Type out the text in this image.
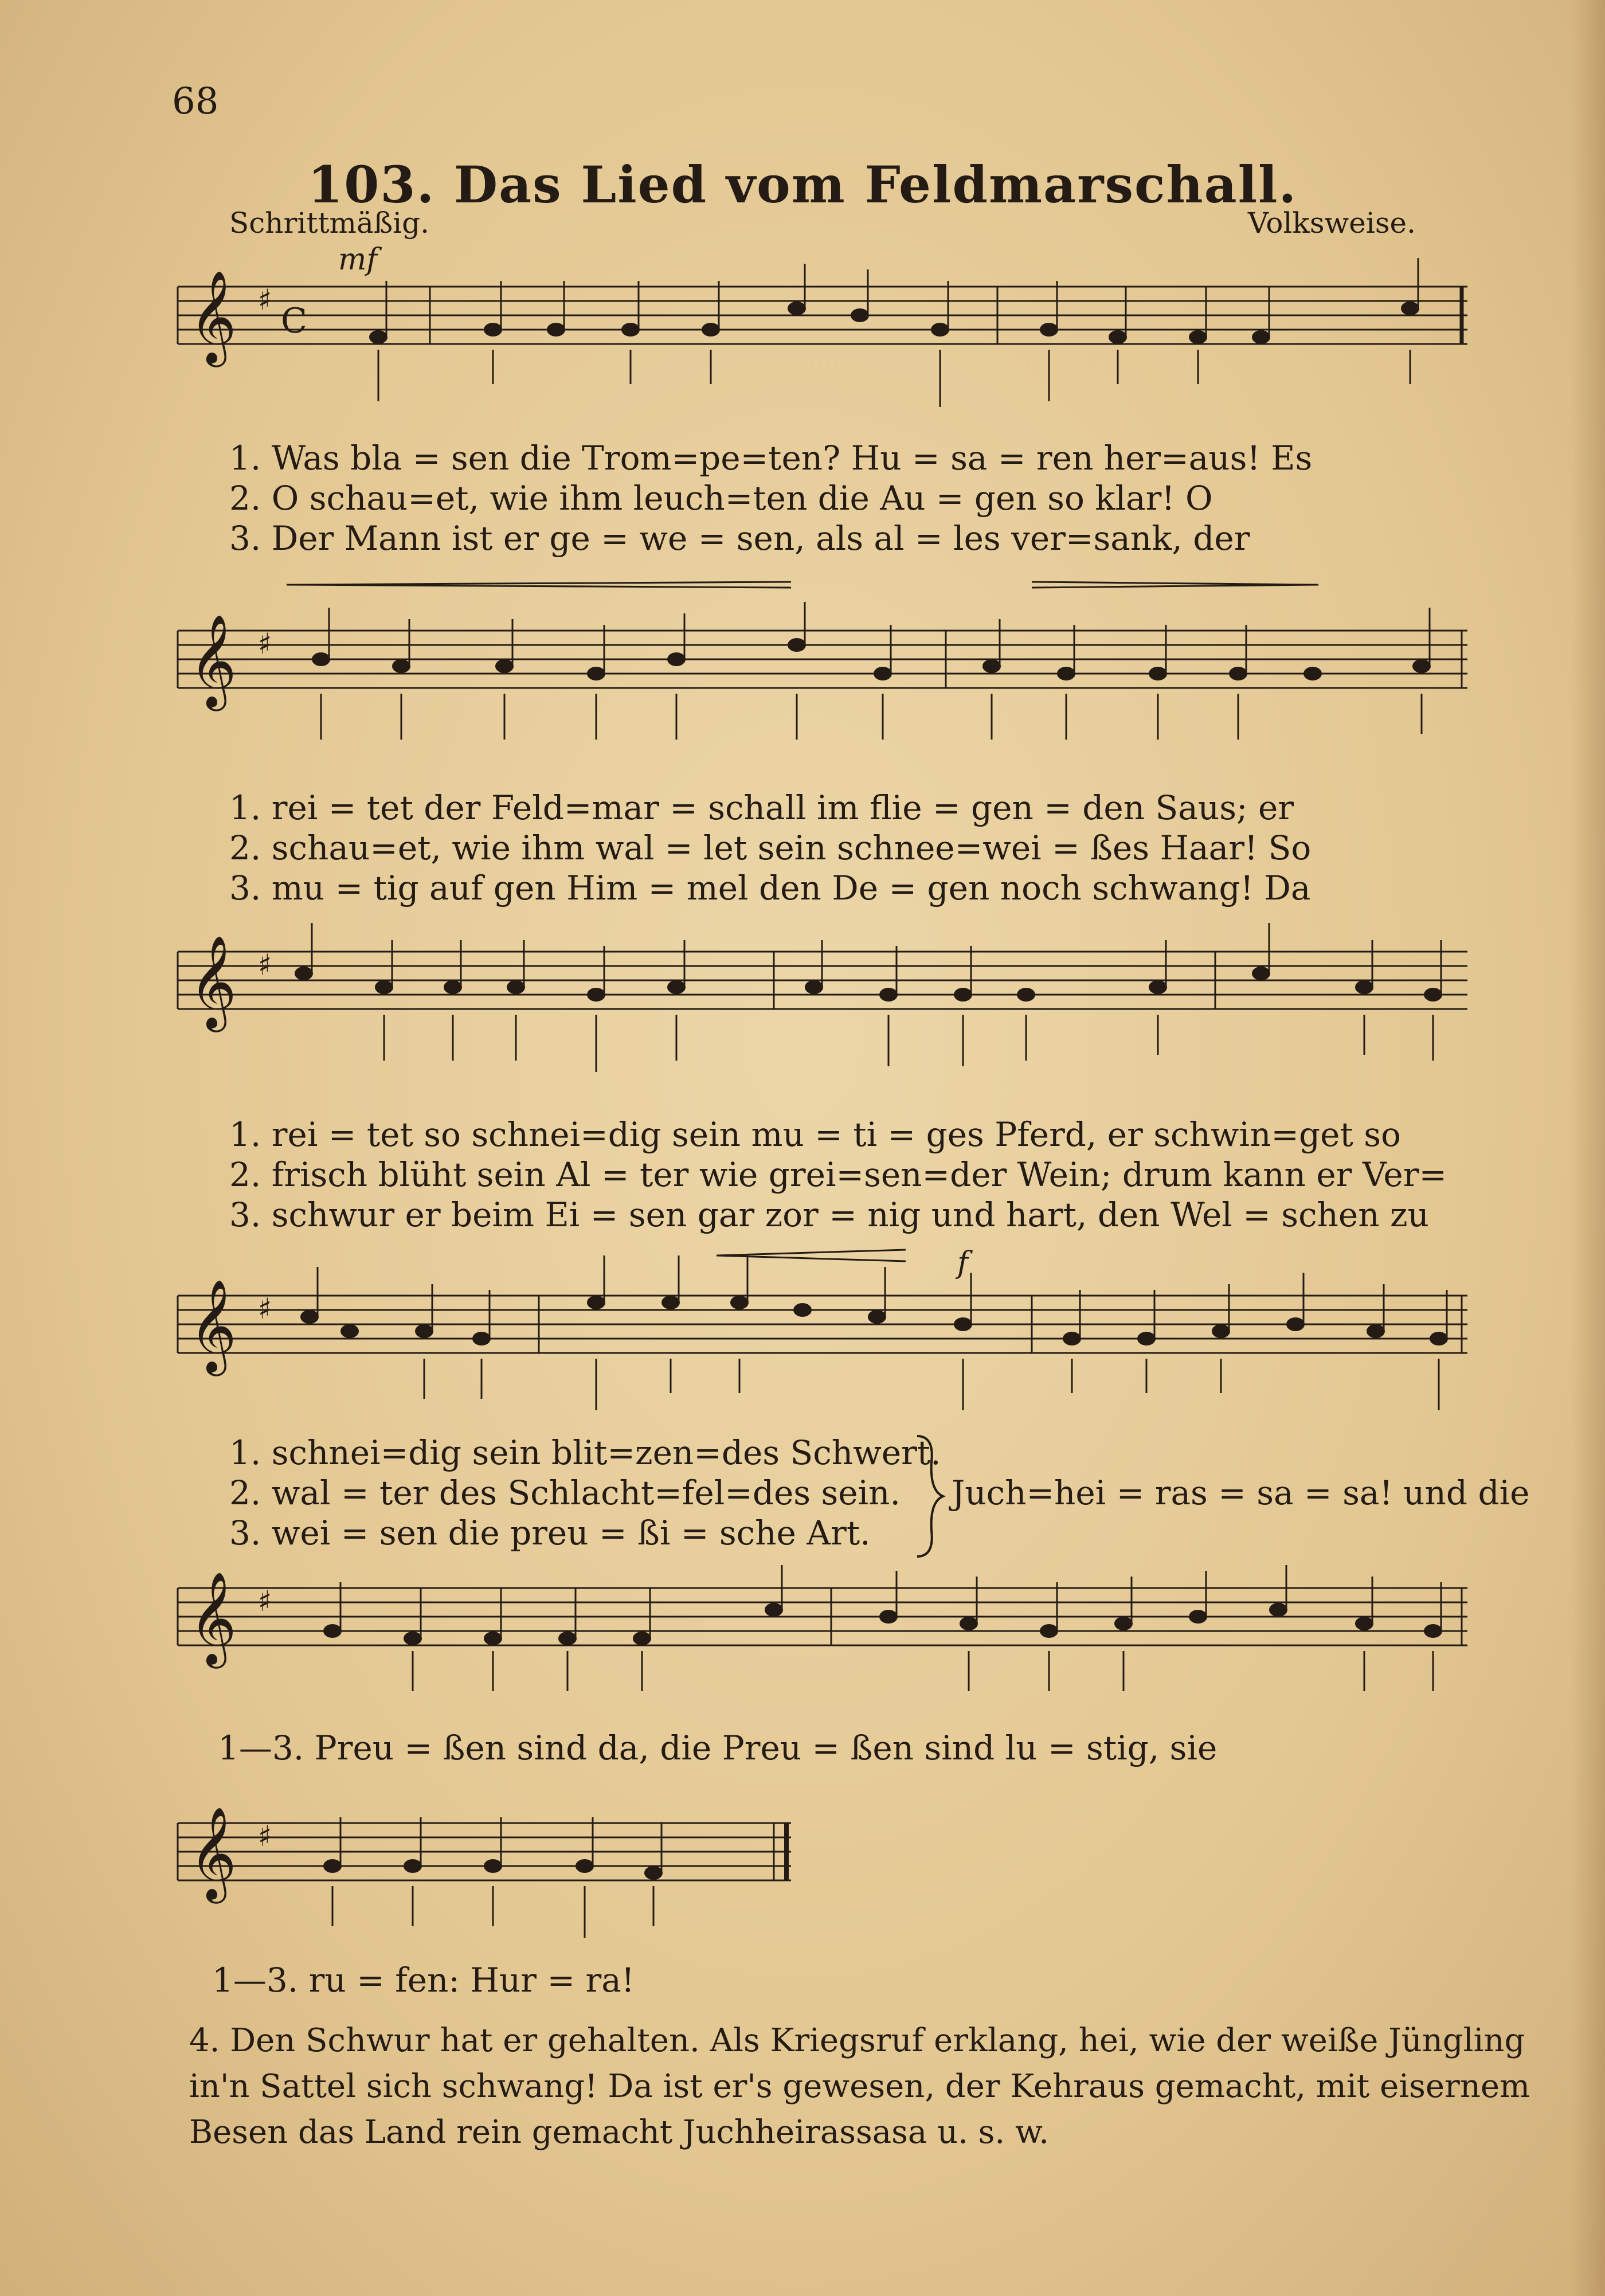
68
103. Das Lied vom Feldmarschall.
Schrittmäßig.	Volksweise.
mf
𝄞 ♯
C
1. Was bla = sen die Trom=pe=ten? Hu = sa = ren her=aus! Es
2. O schau=et, wie ihm leuch=ten die Au = gen so klar! O
3. Der Mann ist er ge = we = sen, als al = les ver=sank, der
𝄞 ♯
1. rei = tet der Feld=mar = schall im flie = gen = den Saus; er
2. schau=et, wie ihm wal = let sein schnee=wei = ßes Haar! So
3. mu = tig auf gen Him = mel den De = gen noch schwang! Da
𝄞 ♯
1. rei = tet so schnei=dig sein mu = ti = ges Pferd, er schwin=get so
2. frisch blüht sein Al = ter wie grei=sen=der Wein; drum kann er Ver=
3. schwur er beim Ei = sen gar zor = nig und hart, den Wel = schen zu
f
𝄞 ♯
1. schnei=dig sein blit=zen=des Schwert.
2. wal = ter des Schlacht=fel=des sein.
3. wei = sen die preu = ßi = sche Art.
Juch=hei = ras = sa = sa! und die
𝄞 ♯
1—3. Preu = ßen sind da, die Preu = ßen sind lu = stig, sie
𝄞 ♯
1—3. ru = fen: Hur = ra!
4. Den Schwur hat er gehalten. Als Kriegsruf erklang, hei, wie der weiße Jüngling in'n Sattel sich schwang! Da ist er's gewesen, der Kehraus gemacht, mit eisernem Besen das Land rein gemacht Juchheirassasa u. s. w.
